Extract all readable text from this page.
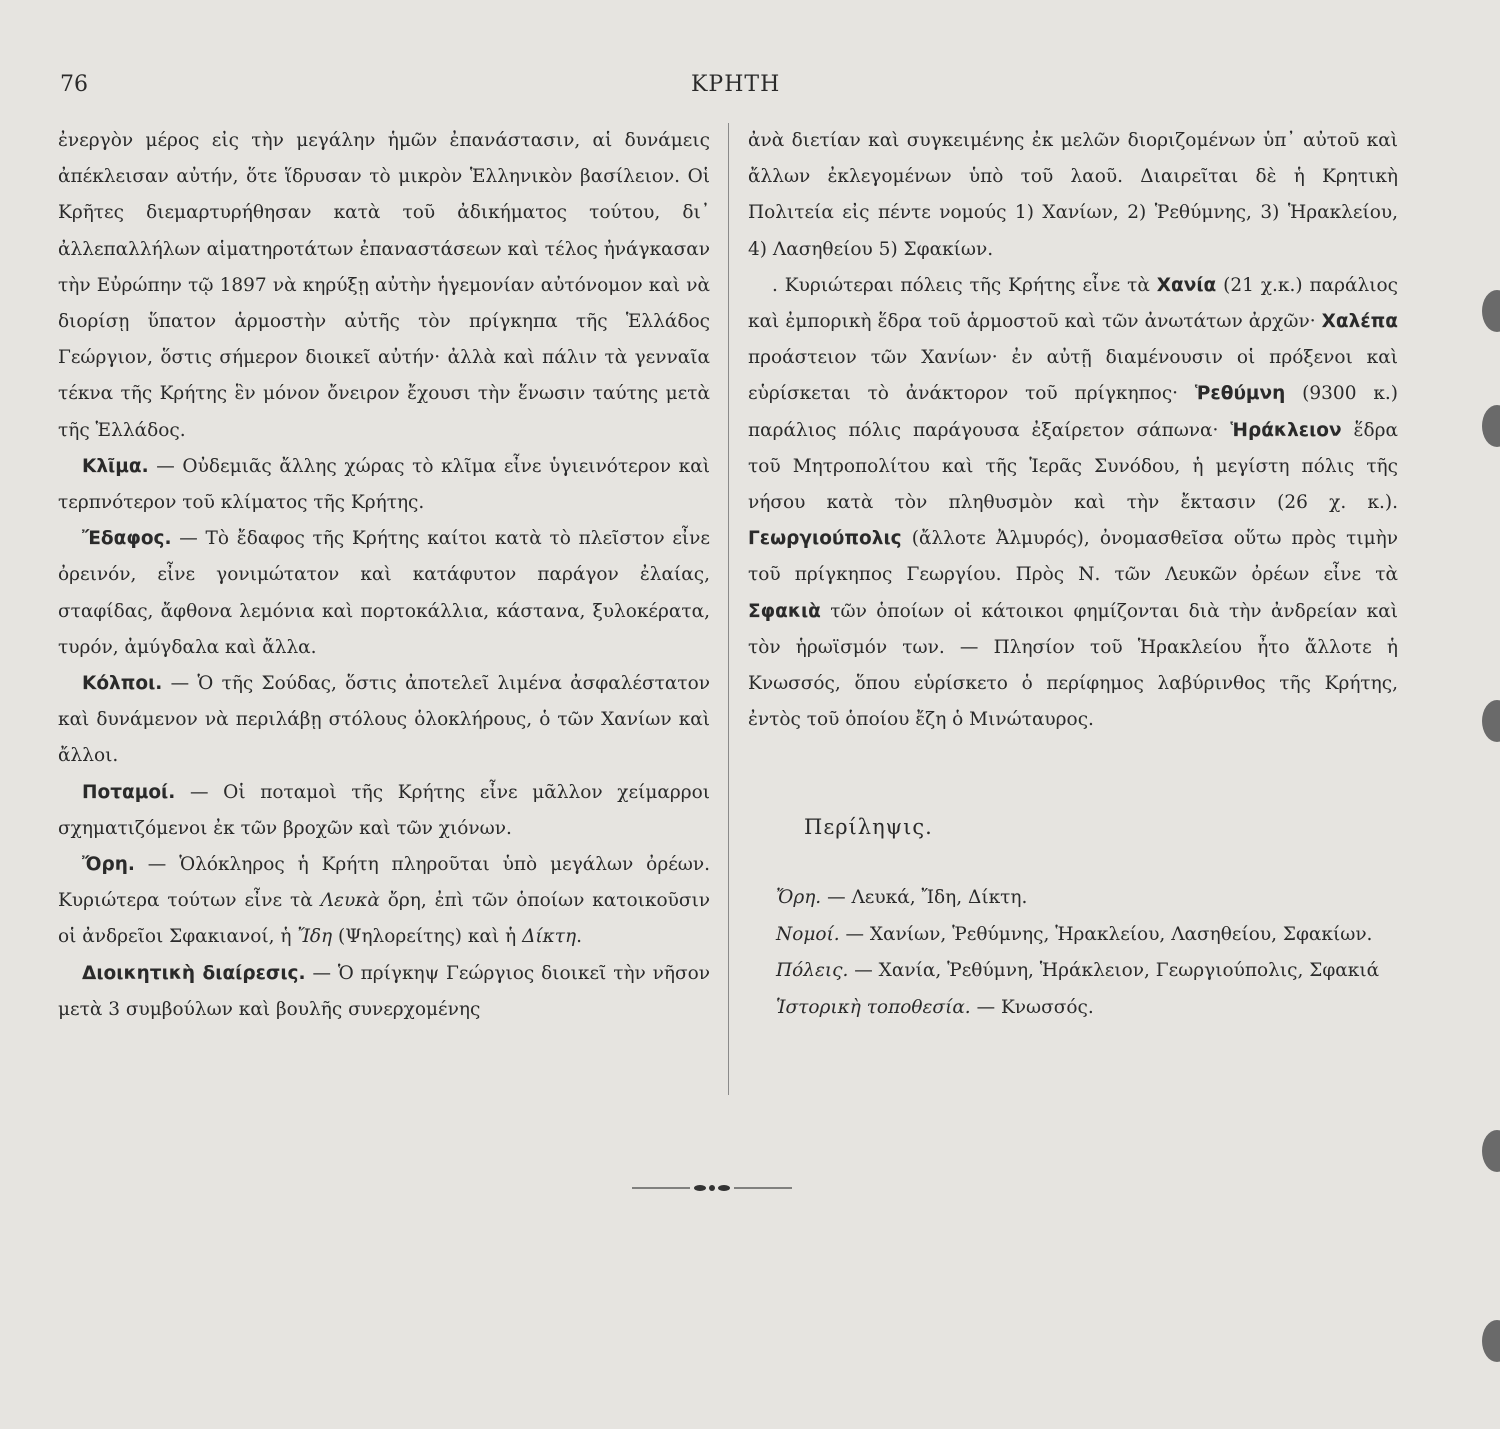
76	ΚΡΗΤΗ

ἐνεργὸν μέρος εἰς τὴν μεγάλην ἡμῶν ἐπανάστασιν, αἱ δυνάμεις ἀπέκλεισαν αὐτήν, ὅτε ἵδρυσαν τὸ μικρὸν Ἑλληνικὸν βασίλειον. Οἱ Κρῆτες διεμαρτυρήθησαν κατὰ τοῦ ἀδικήματος τούτου, δι᾽ ἀλλεπαλλήλων αἱματηροτάτων ἐπαναστάσεων καὶ τέλος ἠνάγκασαν τὴν Εὐρώπην τῷ 1897 νὰ κηρύξῃ αὐτὴν ἡγεμονίαν αὐτόνομον καὶ νὰ διορίσῃ ὕπατον ἁρμοστὴν αὐτῆς τὸν πρίγκηπα τῆς Ἑλλάδος Γεώργιον, ὅστις σήμερον διοικεῖ αὐτήν· ἀλλὰ καὶ πάλιν τὰ γενναῖα τέκνα τῆς Κρήτης ἓν μόνον ὄνειρον ἔχουσι τὴν ἕνωσιν ταύτης μετὰ τῆς Ἑλλάδος.

Κλῖμα. — Οὐδεμιᾶς ἄλλης χώρας τὸ κλῖμα εἶνε ὑγιεινότερον καὶ τερπνότερον τοῦ κλίματος τῆς Κρήτης.

Ἔδαφος. — Τὸ ἔδαφος τῆς Κρήτης καίτοι κατὰ τὸ πλεῖστον εἶνε ὀρεινόν, εἶνε γονιμώτατον καὶ κατάφυτον παράγον ἐλαίας, σταφίδας, ἄφθονα λεμόνια καὶ πορτοκάλλια, κάστανα, ξυλοκέρατα, τυρόν, ἀμύγδαλα καὶ ἄλλα.

Κόλποι. — Ὁ τῆς Σούδας, ὅστις ἀποτελεῖ λιμένα ἀσφαλέστατον καὶ δυνάμενον νὰ περιλάβῃ στόλους ὁλοκλήρους, ὁ τῶν Χανίων καὶ ἄλλοι.

Ποταμοί. — Οἱ ποταμοὶ τῆς Κρήτης εἶνε μᾶλλον χείμαρροι σχηματιζόμενοι ἐκ τῶν βροχῶν καὶ τῶν χιόνων.

Ὄρη. — Ὁλόκληρος ἡ Κρήτη πληροῦται ὑπὸ μεγάλων ὀρέων. Κυριώτερα τούτων εἶνε τὰ Λευκὰ ὄρη, ἐπὶ τῶν ὁποίων κατοικοῦσιν οἱ ἀνδρεῖοι Σφακιανοί, ἡ Ἴδη (Ψηλορείτης) καὶ ἡ Δίκτη.

Διοικητικὴ διαίρεσις. — Ὁ πρίγκηψ Γεώργιος διοικεῖ τὴν νῆσον μετὰ 3 συμβούλων καὶ βουλῆς συνερχομένης

ἀνὰ διετίαν καὶ συγκειμένης ἐκ μελῶν διοριζομένων ὑπ᾽ αὐτοῦ καὶ ἄλλων ἐκλεγομένων ὑπὸ τοῦ λαοῦ. Διαιρεῖται δὲ ἡ Κρητικὴ Πολιτεία εἰς πέντε νομούς 1) Χανίων, 2) Ῥεθύμνης, 3) Ἡρακλείου, 4) Λασηθείου 5) Σφακίων.

. Κυριώτεραι πόλεις τῆς Κρήτης εἶνε τὰ Χανία (21 χ.κ.) παράλιος καὶ ἐμπορικὴ ἕδρα τοῦ ἁρμοστοῦ καὶ τῶν ἀνωτάτων ἀρχῶν· Χαλέπα προάστειον τῶν Χανίων· ἐν αὐτῇ διαμένουσιν οἱ πρόξενοι καὶ εὑρίσκεται τὸ ἀνάκτορον τοῦ πρίγκηπος· Ῥεθύμνη (9300 κ.) παράλιος πόλις παράγουσα ἐξαίρετον σάπωνα· Ἡράκλειον ἕδρα τοῦ Μητροπολίτου καὶ τῆς Ἱερᾶς Συνόδου, ἡ μεγίστη πόλις τῆς νήσου κατὰ τὸν πληθυσμὸν καὶ τὴν ἔκτασιν (26 χ. κ.). Γεωργιούπολις (ἄλλοτε Ἀλμυρός), ὀνομασθεῖσα οὕτω πρὸς τιμὴν τοῦ πρίγκηπος Γεωργίου. Πρὸς Ν. τῶν Λευκῶν ὀρέων εἶνε τὰ Σφακιὰ τῶν ὁποίων οἱ κάτοικοι φημίζονται διὰ τὴν ἀνδρείαν καὶ τὸν ἡρωϊσμόν των. — Πλησίον τοῦ Ἡρακλείου ἦτο ἄλλοτε ἡ Κνωσσός, ὅπου εὑρίσκετο ὁ περίφημος λαβύρινθος τῆς Κρήτης, ἐντὸς τοῦ ὁποίου ἔζη ὁ Μινώταυρος.

Περίληψις.

Ὄρη. — Λευκά, Ἴδη, Δίκτη.

Νομοί. — Χανίων, Ῥεθύμνης, Ἡρακλείου, Λασηθείου, Σφακίων.

Πόλεις. — Χανία, Ῥεθύμνη, Ἡράκλειον, Γεωργιούπολις, Σφακιά

Ἱστορικὴ τοποθεσία. — Κνωσσός.
